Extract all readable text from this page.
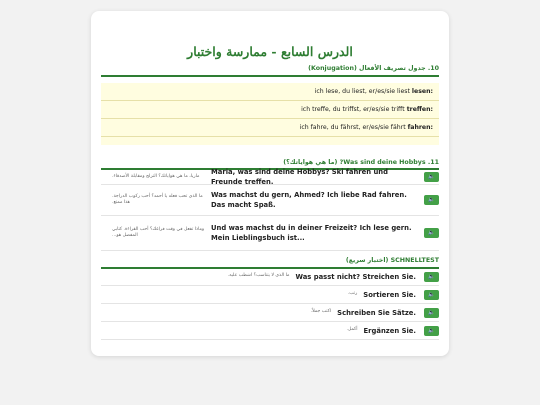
الدرس السابع - ممارسة واختبار
10. جدول تصريف الأفعال (Konjugation)
ich lese, du liest, er/es/sie liest
lesen:
ich treffe, du triffst, er/es/sie trifft
treffen:
ich fahre, du fährst, er/es/sie fährt
fahren:
11. Was sind deine Hobbys? (ما هي هواياتك؟)
ماريا، ما هي هواياتك؟ التزلج ومقابلة الأصدقاء.
Maria, was sind deine Hobbys? Ski fahren und Freunde treffen.
🔈
ما الذي تحب فعله يا أحمد؟ أحب ركوب الدراجة. هذا ممتع.
Was machst du gern, Ahmed? Ich liebe Rad fahren. Das macht Spaß.
🔈
وماذا تفعل في وقت فراغك؟ أحب القراءة. كتابي المفضل هو...
Und was machst du in deiner Freizeit? Ich lese gern. Mein Lieblingsbuch ist...
🔈
SCHNELLTEST (اختبار سريع)
ما الذي لا يتناسب؟ اشطب عليه. Was passt nicht? Streichen Sie. 🔈
رتب. Sortieren Sie. 🔈
اكتب جملاً. Schreiben Sie Sätze. 🔈
أكمل. Ergänzen Sie. 🔈
